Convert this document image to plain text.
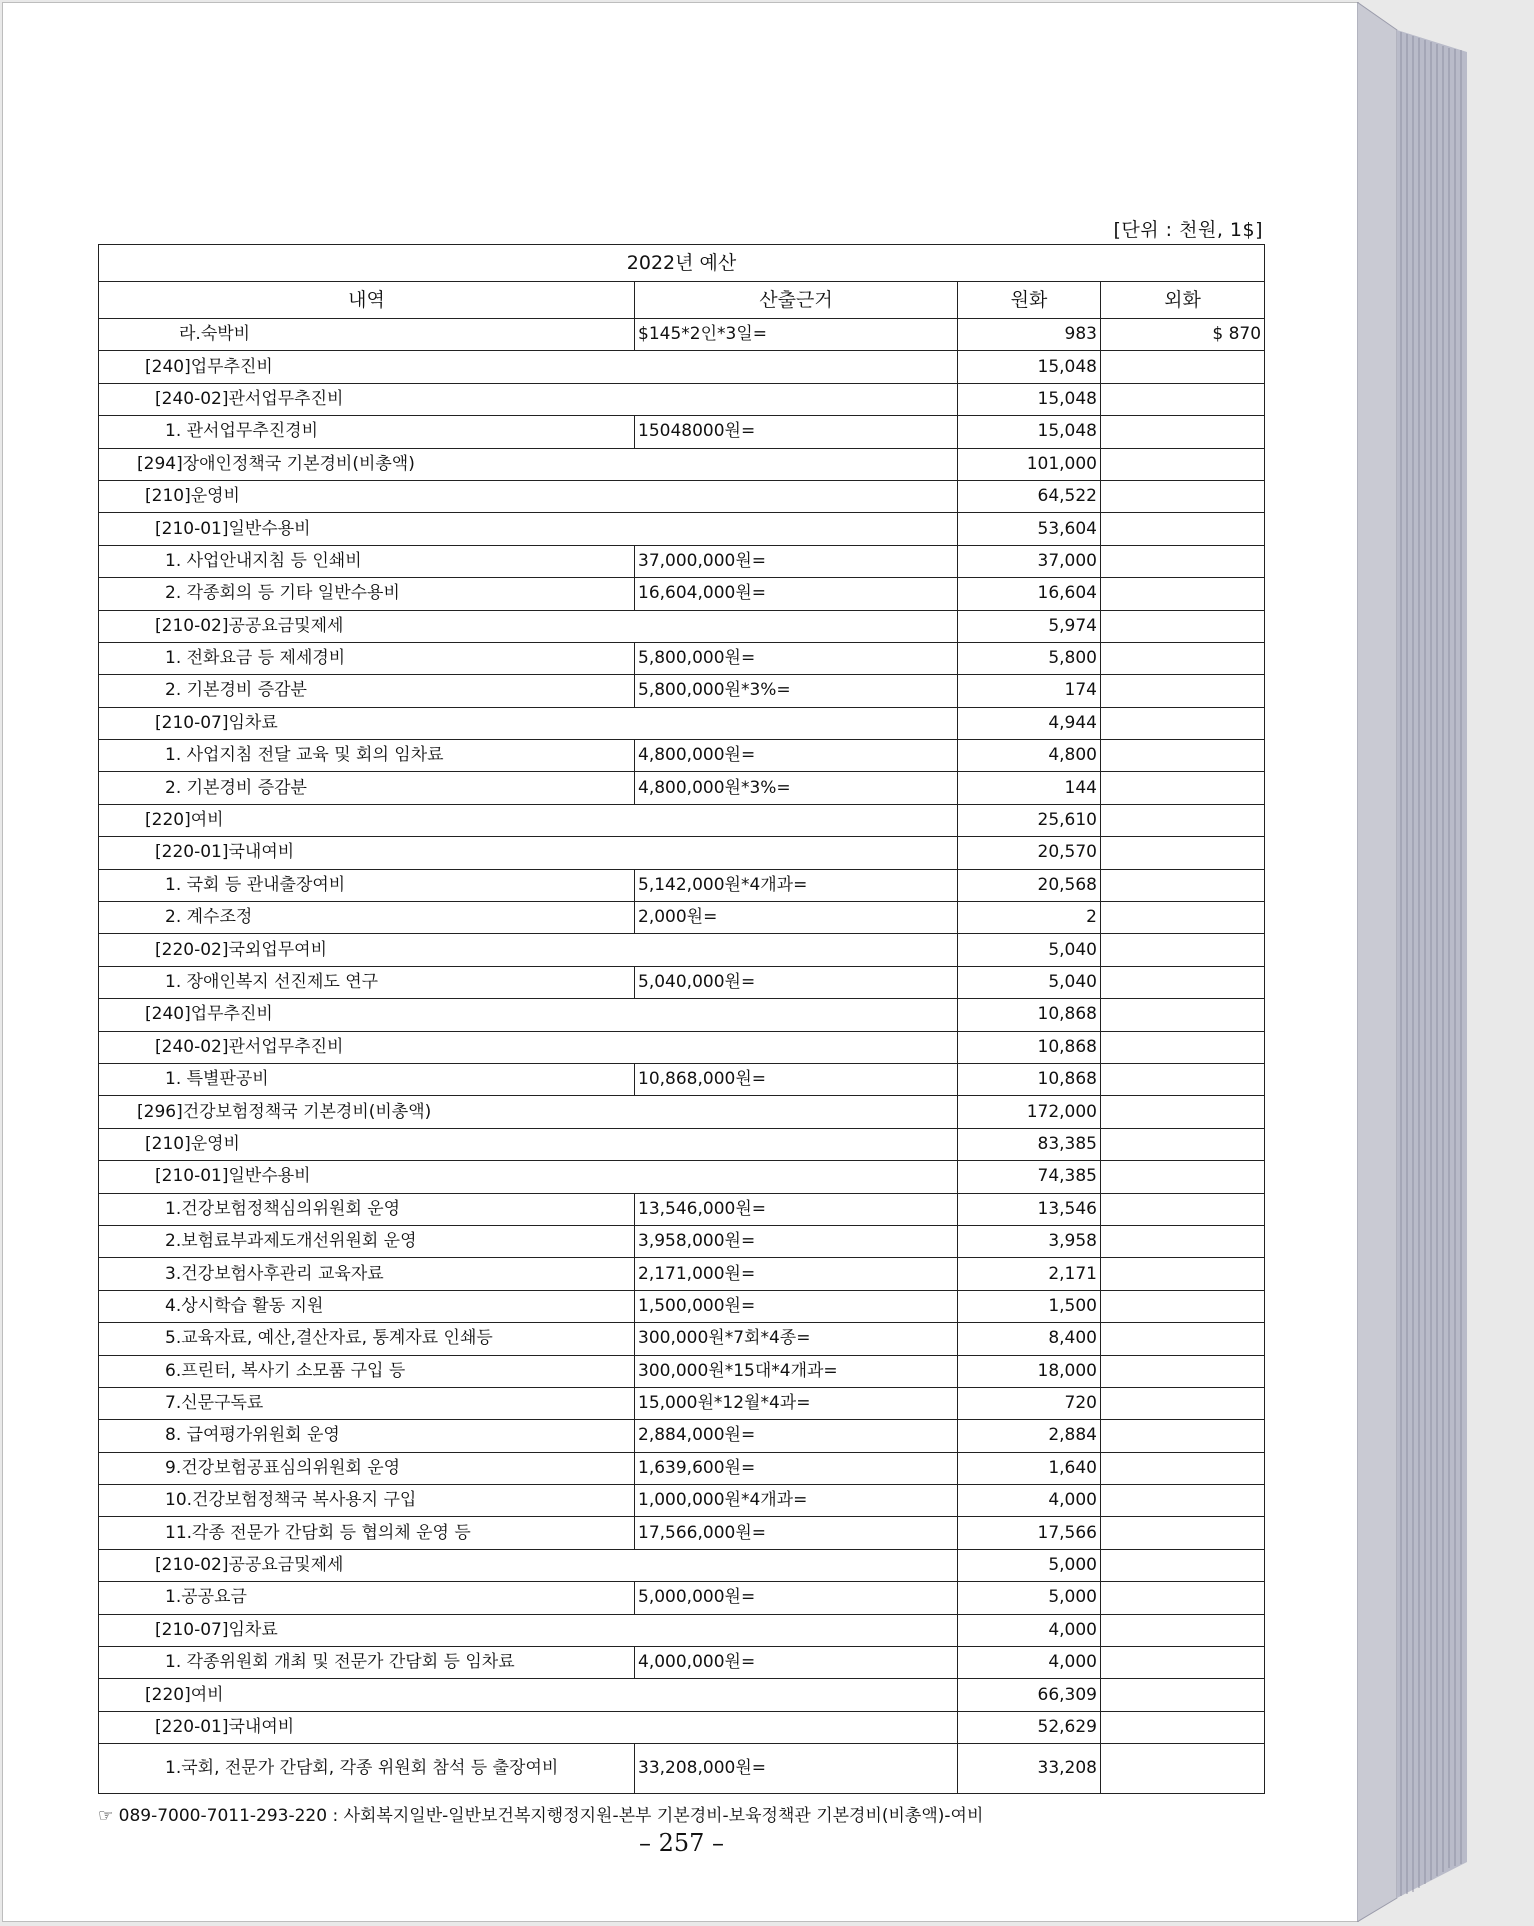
[단위 : 천원, 1$]
2022년 예산			
내역	산출근거	원화	외화
라.숙박비	$145*2인*3일=	983	$ 870
[240]업무추진비		15,048	
[240-02]관서업무추진비		15,048	
1. 관서업무추진경비	15048000원=	15,048	
[294]장애인정책국 기본경비(비총액)		101,000	
[210]운영비		64,522	
[210-01]일반수용비		53,604	
1. 사업안내지침 등 인쇄비	37,000,000원=	37,000	
2. 각종회의 등 기타 일반수용비	16,604,000원=	16,604	
[210-02]공공요금및제세		5,974	
1. 전화요금 등 제세경비	5,800,000원=	5,800	
2. 기본경비 증감분	5,800,000원*3%=	174	
[210-07]임차료		4,944	
1. 사업지침 전달 교육 및 회의 임차료	4,800,000원=	4,800	
2. 기본경비 증감분	4,800,000원*3%=	144	
[220]여비		25,610	
[220-01]국내여비		20,570	
1. 국회 등 관내출장여비	5,142,000원*4개과=	20,568	
2. 계수조정	2,000원=	2	
[220-02]국외업무여비		5,040	
1. 장애인복지 선진제도 연구	5,040,000원=	5,040	
[240]업무추진비		10,868	
[240-02]관서업무추진비		10,868	
1. 특별판공비	10,868,000원=	10,868	
[296]건강보험정책국 기본경비(비총액)		172,000	
[210]운영비		83,385	
[210-01]일반수용비		74,385	
1.건강보험정책심의위원회 운영	13,546,000원=	13,546	
2.보험료부과제도개선위원회 운영	3,958,000원=	3,958	
3.건강보험사후관리 교육자료	2,171,000원=	2,171	
4.상시학습 활동 지원	1,500,000원=	1,500	
5.교육자료, 예산,결산자료, 통계자료 인쇄등	300,000원*7회*4종=	8,400	
6.프린터, 복사기 소모품 구입 등	300,000원*15대*4개과=	18,000	
7.신문구독료	15,000원*12월*4과=	720	
8. 급여평가위원회 운영	2,884,000원=	2,884	
9.건강보험공표심의위원회 운영	1,639,600원=	1,640	
10.건강보험정책국 복사용지 구입	1,000,000원*4개과=	4,000	
11.각종 전문가 간담회 등 협의체 운영 등	17,566,000원=	17,566	
[210-02]공공요금및제세		5,000	
1.공공요금	5,000,000원=	5,000	
[210-07]임차료		4,000	
1. 각종위원회 개최 및 전문가 간담회 등 임차료	4,000,000원=	4,000	
[220]여비		66,309	
[220-01]국내여비		52,629	
1.국회, 전문가 간담회, 각종 위원회 참석 등 출장여비	33,208,000원=	33,208	
☞ 089-7000-7011-293-220 : 사회복지일반-일반보건복지행정지원-본부 기본경비-보육정책관 기본경비(비총액)-여비
– 257 –
